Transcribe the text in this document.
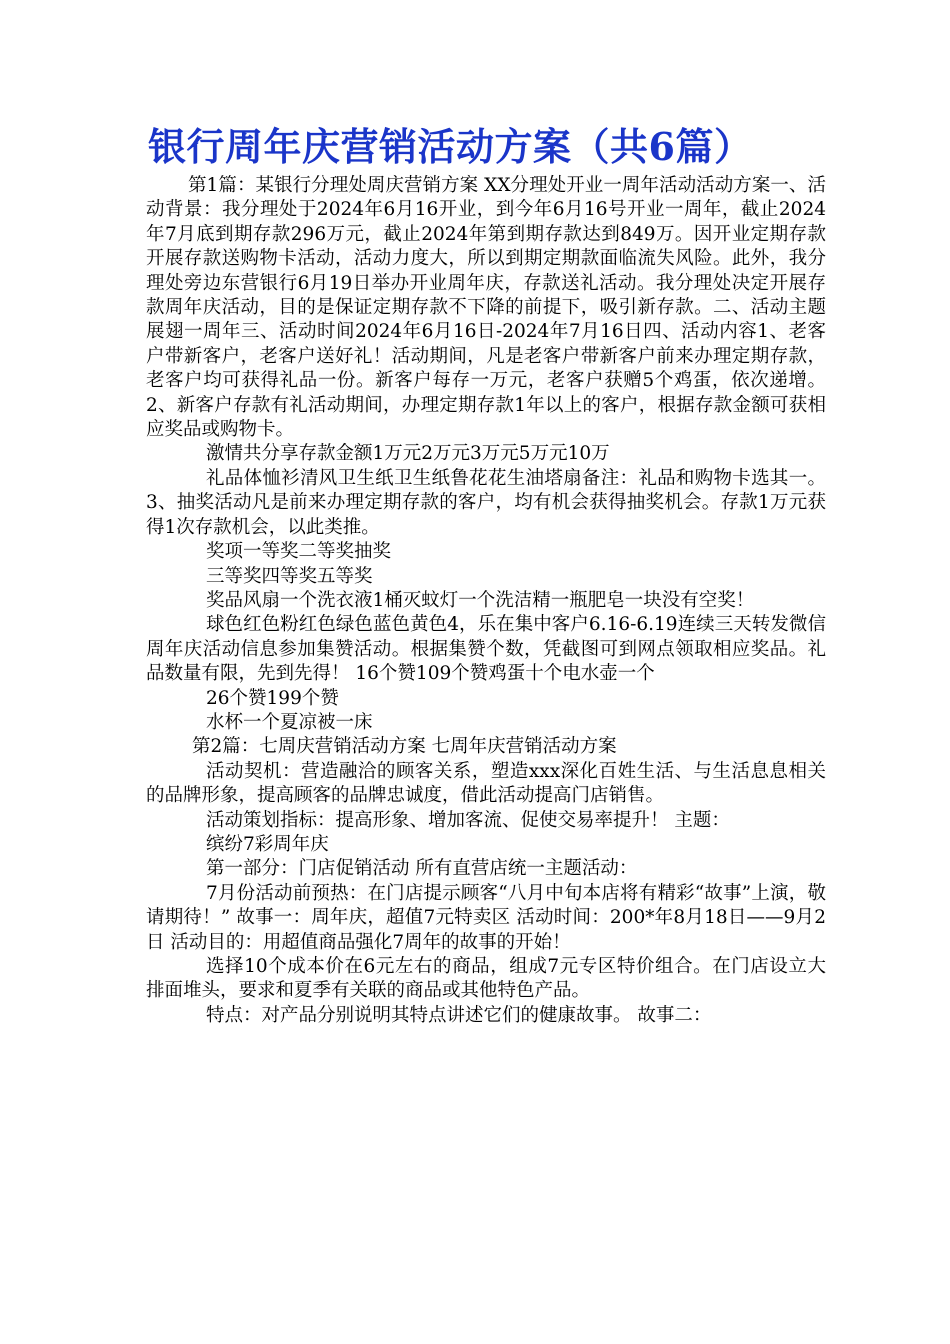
银行周年庆营销活动方案（共6篇）

第1篇：某银行分理处周庆营销方案 XX分理处开业一周年活动活动方案一、活动背景：我分理处于2024年6月16开业，到今年6月16号开业一周年，截止2024年7月底到期存款296万元，截止2024年第到期存款达到849万。因开业定期存款开展存款送购物卡活动，活动力度大，所以到期定期款面临流失风险。此外，我分理处旁边东营银行6月19日举办开业周年庆，存款送礼活动。我分理处决定开展存款周年庆活动，目的是保证定期存款不下降的前提下，吸引新存款。二、活动主题展翅一周年三、活动时间2024年6月16日-2024年7月16日四、活动内容1、老客户带新客户，老客户送好礼！活动期间，凡是老客户带新客户前来办理定期存款，老客户均可获得礼品一份。新客户每存一万元，老客户获赠5个鸡蛋，依次递增。2、新客户存款有礼活动期间，办理定期存款1年以上的客户，根据存款金额可获相应奖品或购物卡。

激情共分享存款金额1万元2万元3万元5万元10万

礼品体恤衫清风卫生纸卫生纸鲁花花生油塔扇备注：礼品和购物卡选其一。3、抽奖活动凡是前来办理定期存款的客户，均有机会获得抽奖机会。存款1万元获得1次存款机会，以此类推。

奖项一等奖二等奖抽奖

三等奖四等奖五等奖

奖品风扇一个洗衣液1桶灭蚊灯一个洗洁精一瓶肥皂一块没有空奖！

球色红色粉红色绿色蓝色黄色4，乐在集中客户6.16-6.19连续三天转发微信周年庆活动信息参加集赞活动。根据集赞个数，凭截图可到网点领取相应奖品。礼品数量有限，先到先得！ 16个赞109个赞鸡蛋十个电水壶一个

26个赞199个赞

水杯一个夏凉被一床

第2篇：七周庆营销活动方案 七周年庆营销活动方案

活动契机：营造融洽的顾客关系，塑造xxx深化百姓生活、与生活息息相关的品牌形象，提高顾客的品牌忠诚度，借此活动提高门店销售。

活动策划指标：提高形象、增加客流、促使交易率提升！ 主题：

缤纷7彩周年庆

第一部分：门店促销活动 所有直营店统一主题活动：

7月份活动前预热：在门店提示顾客“八月中旬本店将有精彩“故事”上演，敬请期待！” 故事一：周年庆，超值7元特卖区 活动时间：200*年8月18日——9月2日 活动目的：用超值商品强化7周年的故事的开始！

选择10个成本价在6元左右的商品，组成7元专区特价组合。在门店设立大排面堆头，要求和夏季有关联的商品或其他特色产品。

特点：对产品分别说明其特点讲述它们的健康故事。 故事二：
